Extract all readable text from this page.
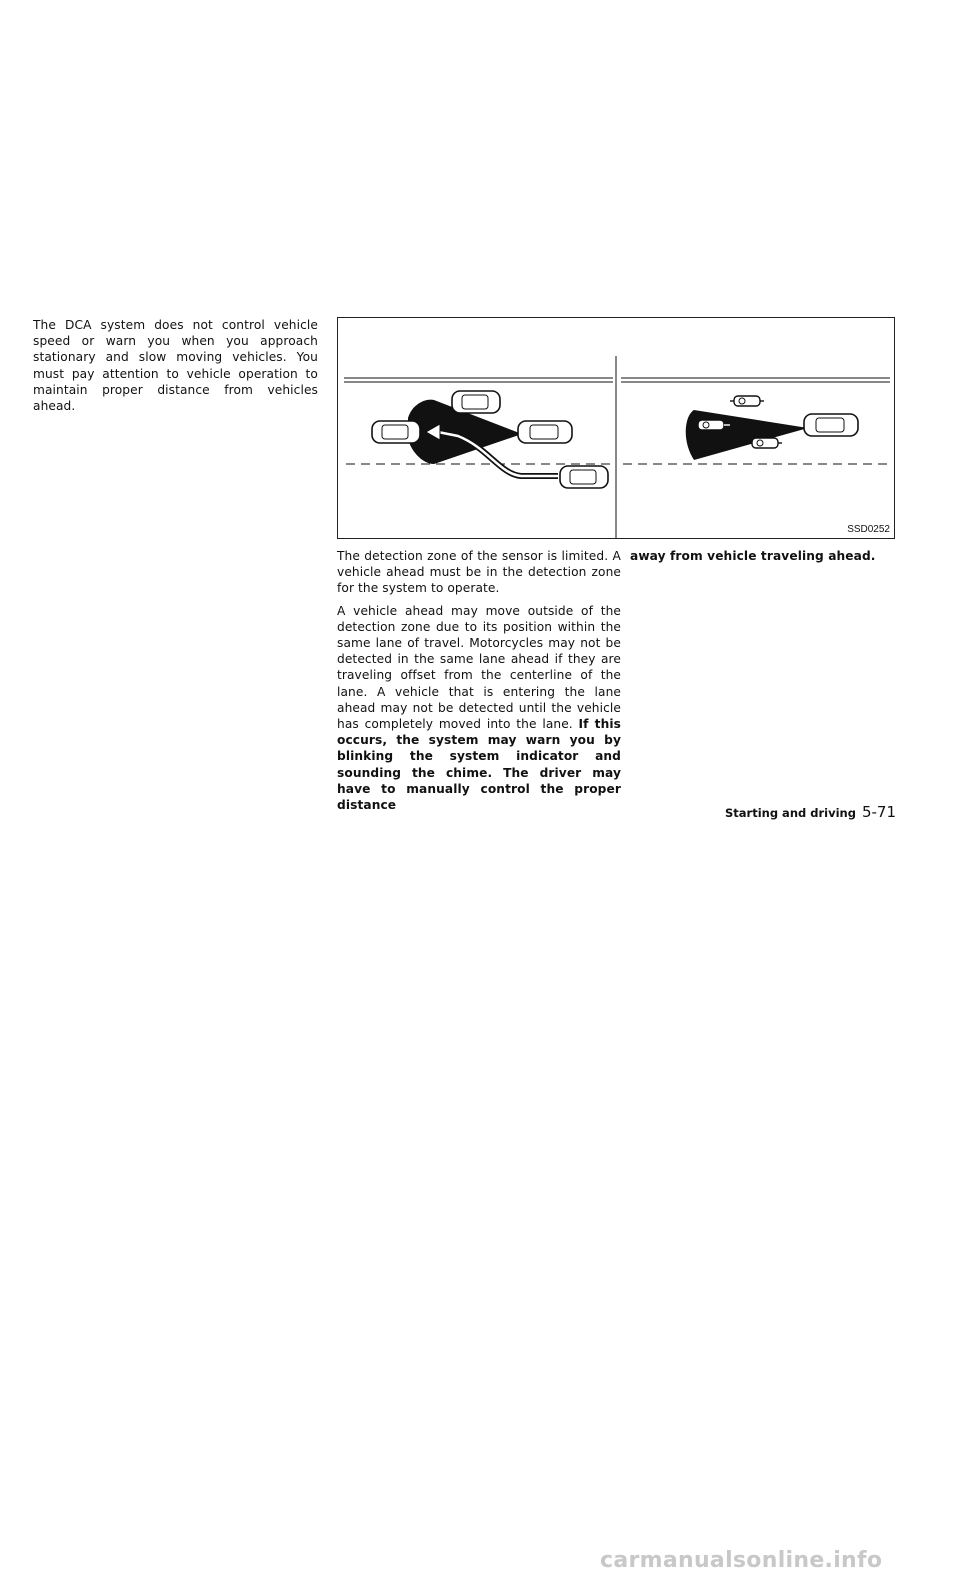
The DCA system does not control vehicle speed or warn you when you approach stationary and slow moving vehicles. You must pay attention to vehicle operation to maintain proper distance from vehicles ahead.

SSD0252

The detection zone of the sensor is limited. A vehicle ahead must be in the detection zone for the system to operate.

A vehicle ahead may move outside of the detection zone due to its position within the same lane of travel. Motorcycles may not be detected in the same lane ahead if they are traveling offset from the centerline of the lane. A vehicle that is entering the lane ahead may not be detected until the vehicle has completely moved into the lane. If this occurs, the system may warn you by blinking the system indicator and sounding the chime. The driver may have to manually control the proper distance

away from vehicle traveling ahead.

Starting and driving 5-71
carmanualsonline.info
